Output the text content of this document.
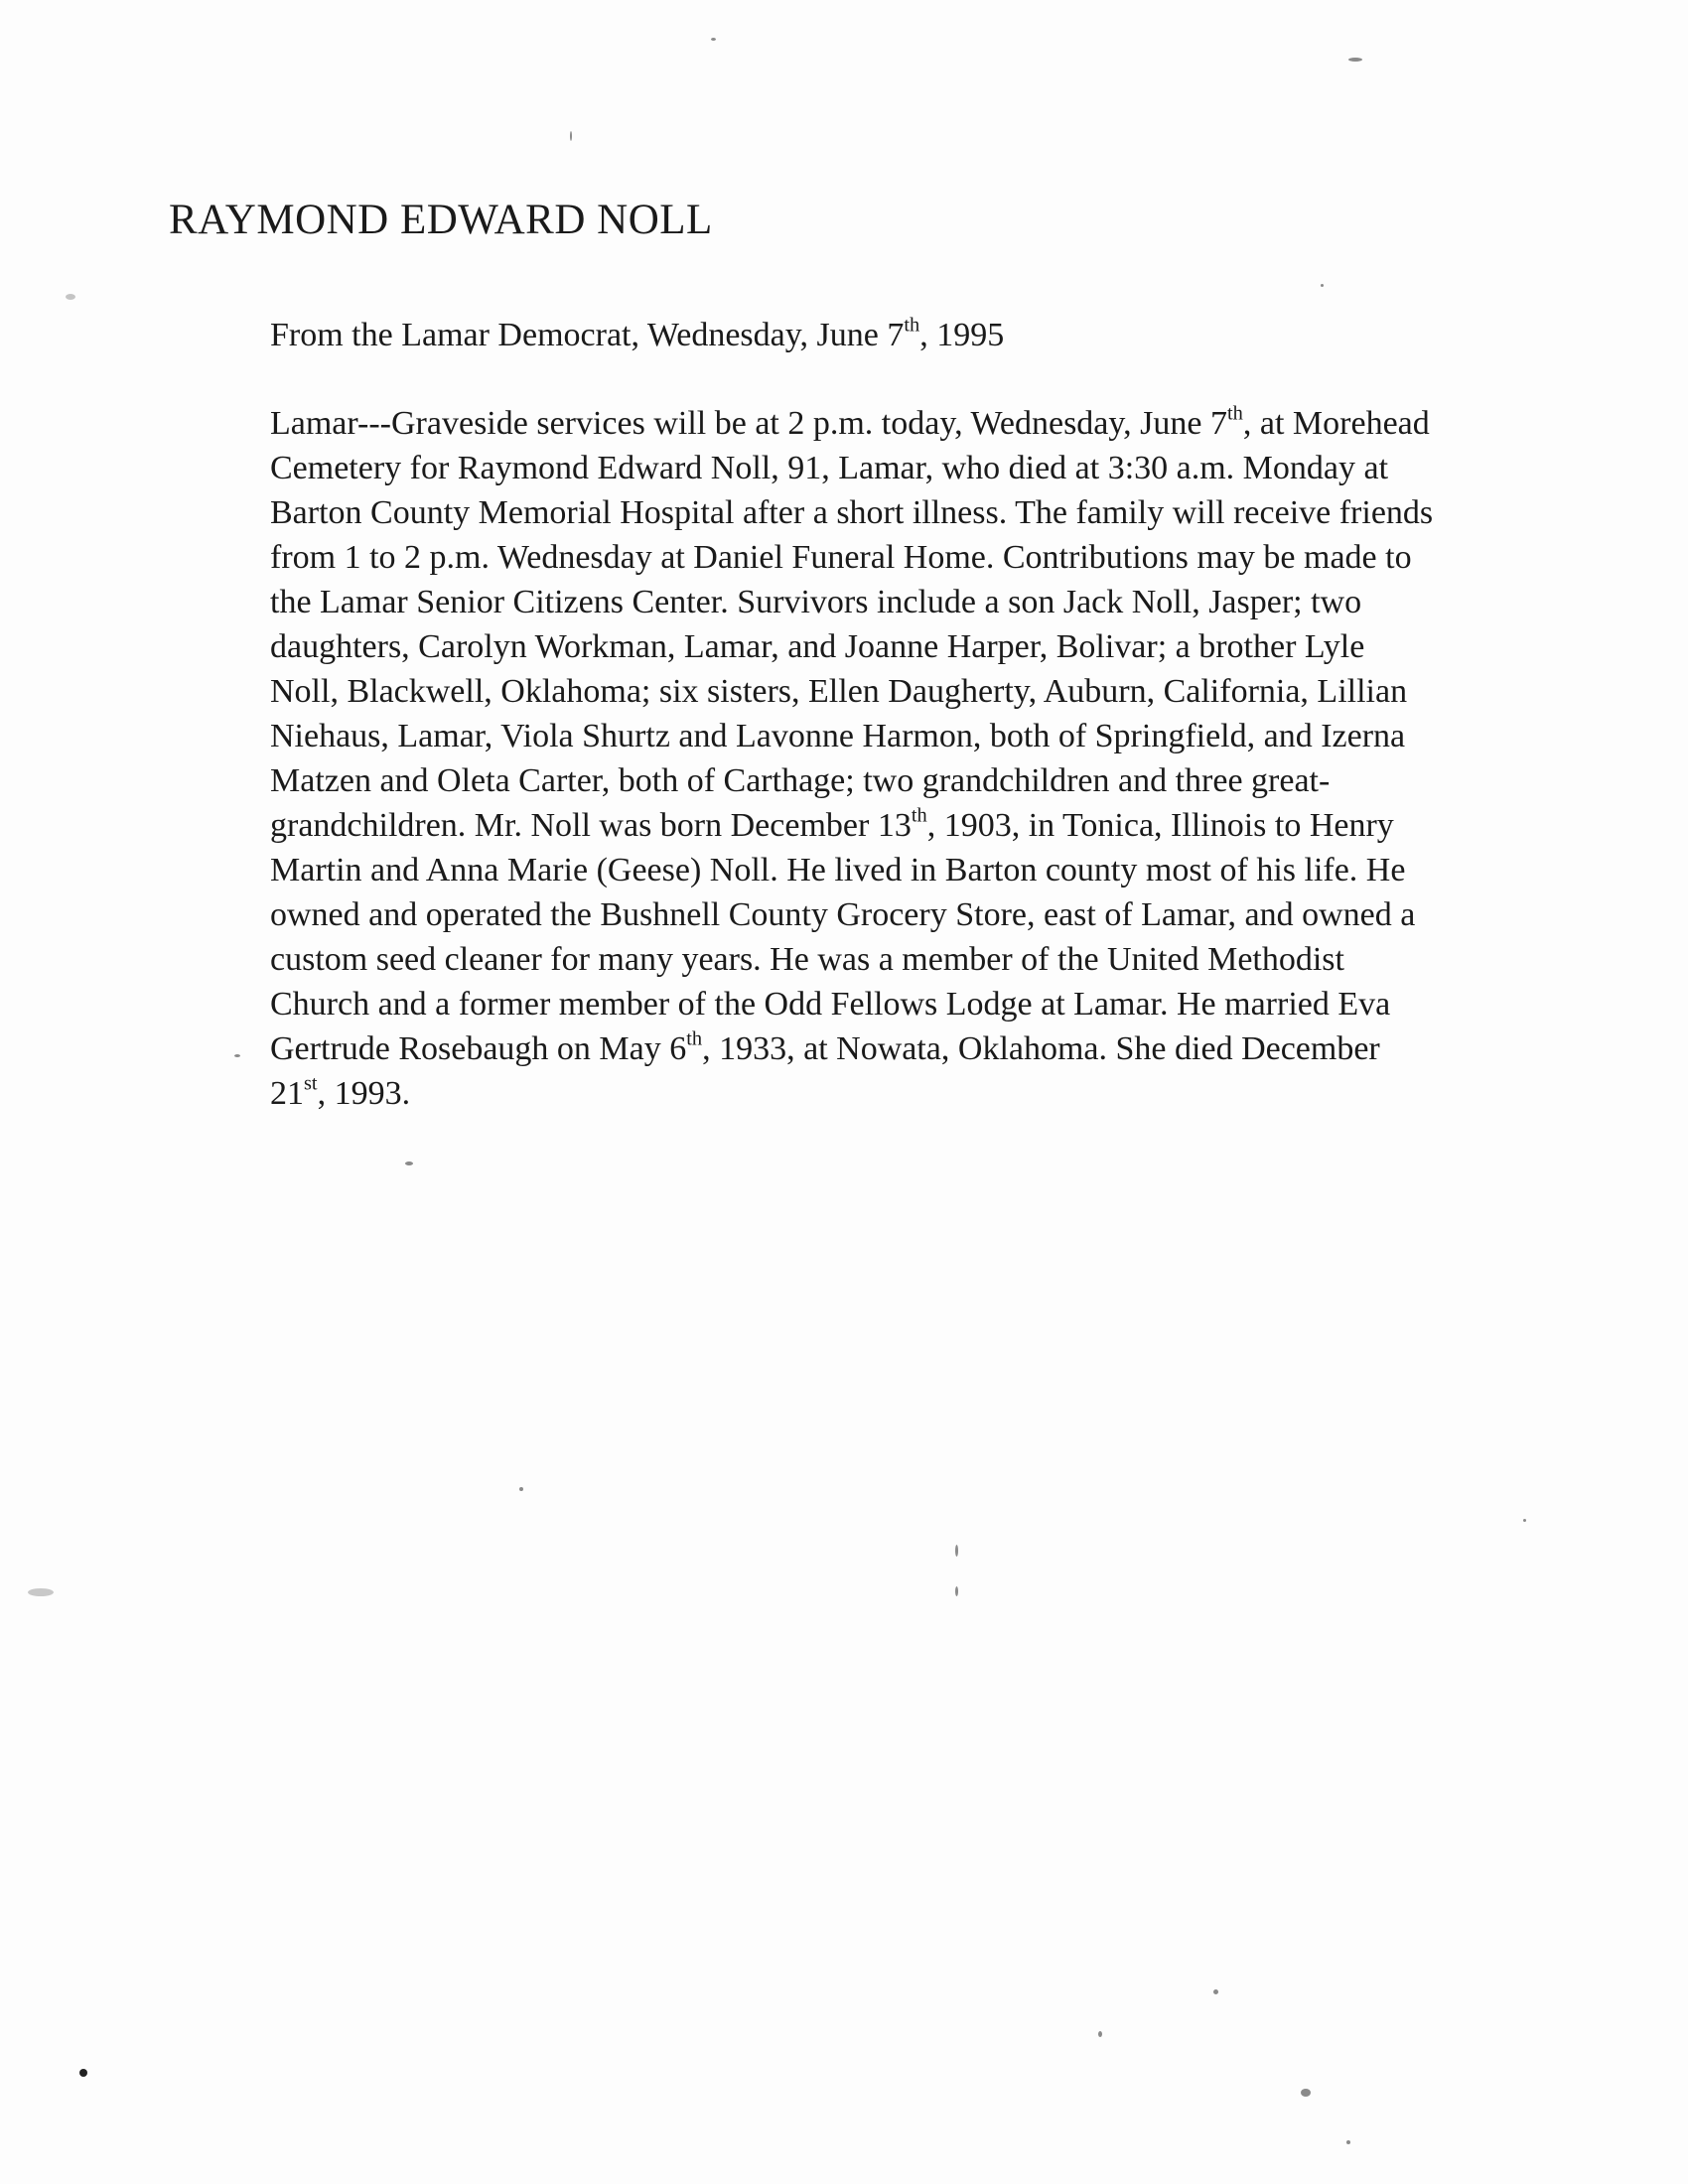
RAYMOND EDWARD NOLL
From the Lamar Democrat, Wednesday, June 7th, 1995
Lamar---Graveside services will be at 2 p.m. today, Wednesday, June 7th, at Morehead
Cemetery for Raymond Edward Noll, 91, Lamar, who died at 3:30 a.m. Monday at
Barton County Memorial Hospital after a short illness. The family will receive friends
from 1 to 2 p.m. Wednesday at Daniel Funeral Home. Contributions may be made to
the Lamar Senior Citizens Center. Survivors include a son Jack Noll, Jasper; two
daughters, Carolyn Workman, Lamar, and Joanne Harper, Bolivar; a brother Lyle
Noll, Blackwell, Oklahoma; six sisters, Ellen Daugherty, Auburn, California, Lillian
Niehaus, Lamar, Viola Shurtz and Lavonne Harmon, both of Springfield, and Izerna
Matzen and Oleta Carter, both of Carthage; two grandchildren and three great-
grandchildren. Mr. Noll was born December 13th, 1903, in Tonica, Illinois to Henry
Martin and Anna Marie (Geese) Noll. He lived in Barton county most of his life. He
owned and operated the Bushnell County Grocery Store, east of Lamar, and owned a
custom seed cleaner for many years. He was a member of the United Methodist
Church and a former member of the Odd Fellows Lodge at Lamar. He married Eva
Gertrude Rosebaugh on May 6th, 1933, at Nowata, Oklahoma. She died December
21st, 1993.
